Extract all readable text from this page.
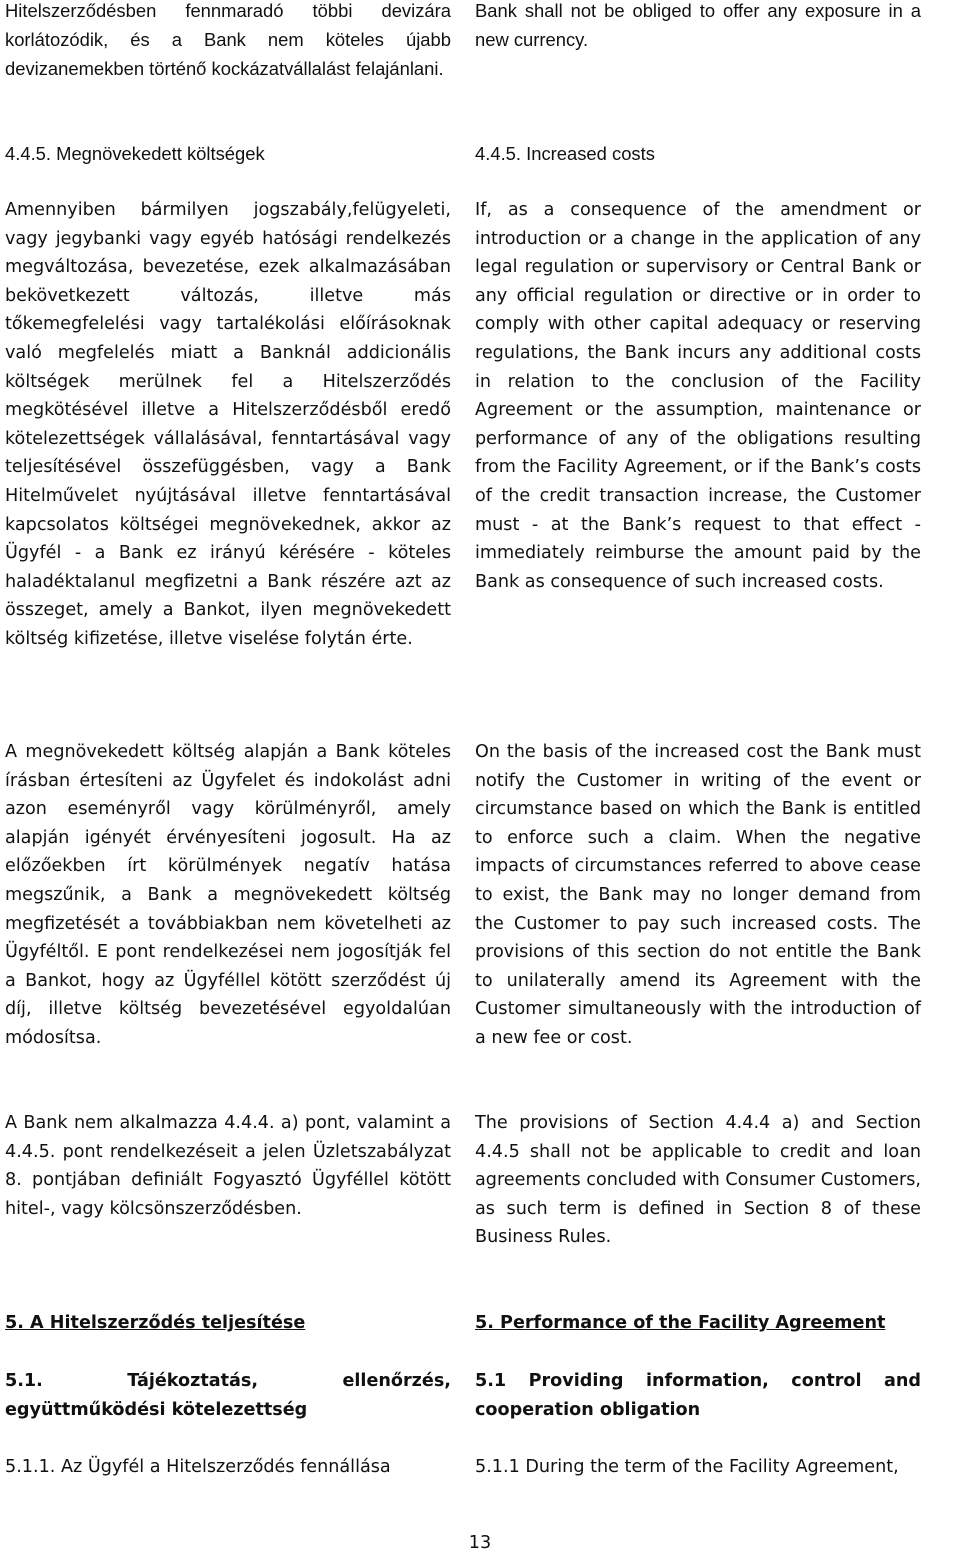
Hitelszerződésben fennmaradó többi devizára korlátozódik, és a Bank nem köteles újabb devizanemekben történő kockázatvállalást felajánlani.

Bank shall not be obliged to offer any exposure in a new currency.

4.4.5. Megnövekedett költségek	4.4.5. Increased costs

Amennyiben bármilyen jogszabály,felügyeleti, vagy jegybanki vagy egyéb hatósági rendelkezés megváltozása, bevezetése, ezek alkalmazásában bekövetkezett változás, illetve más tőkemegfelelési vagy tartalékolási előírásoknak való megfelelés miatt a Banknál addicionális költségek merülnek fel a Hitelszerződés megkötésével illetve a Hitelszerződésből eredő kötelezettségek vállalásával, fenntartásával vagy teljesítésével összefüggésben, vagy a Bank Hitelművelet nyújtásával illetve fenntartásával kapcsolatos költségei megnövekednek, akkor az Ügyfél - a Bank ez irányú kérésére - köteles haladéktalanul megfizetni a Bank részére azt az összeget, amely a Bankot, ilyen megnövekedett költség kifizetése, illetve viselése folytán érte.

If, as a consequence of the amendment or introduction or a change in the application of any legal regulation or supervisory or Central Bank or any official regulation or directive or in order to comply with other capital adequacy or reserving regulations, the Bank incurs any additional costs in relation to the conclusion of the Facility Agreement or the assumption, maintenance or performance of any of the obligations resulting from the Facility Agreement, or if the Bank’s costs of the credit transaction increase, the Customer must - at the Bank’s request to that effect - immediately reimburse the amount paid by the Bank as consequence of such increased costs.

A megnövekedett költség alapján a Bank köteles írásban értesíteni az Ügyfelet és indokolást adni azon eseményről vagy körülményről, amely alapján igényét érvényesíteni jogosult. Ha az előzőekben írt körülmények negatív hatása megszűnik, a Bank a megnövekedett költség megfizetését a továbbiakban nem követelheti az Ügyféltől. E pont rendelkezései nem jogosítják fel a Bankot, hogy az Ügyféllel kötött szerződést új díj, illetve költség bevezetésével egyoldalúan módosítsa.

On the basis of the increased cost the Bank must notify the Customer in writing of the event or circumstance based on which the Bank is entitled to enforce such a claim. When the negative impacts of circumstances referred to above cease to exist, the Bank may no longer demand from the Customer to pay such increased costs. The provisions of this section do not entitle the Bank to unilaterally amend its Agreement with the Customer simultaneously with the introduction of a new fee or cost.

A Bank nem alkalmazza 4.4.4. a) pont, valamint a 4.4.5. pont rendelkezéseit a jelen Üzletszabályzat 8. pontjában definiált Fogyasztó Ügyféllel kötött hitel-, vagy kölcsönszerződésben.

The provisions of Section 4.4.4 a) and Section 4.4.5 shall not be applicable to credit and loan agreements concluded with Consumer Customers, as such term is defined in Section 8 of these Business Rules.

5. A Hitelszerződés teljesítése	5. Performance of the Facility Agreement

5.1. Tájékoztatás, ellenőrzés, együttműködési kötelezettség

5.1 Providing information, control and cooperation obligation

5.1.1. Az Ügyfél a Hitelszerződés fennállása	5.1.1 During the term of the Facility Agreement,

13
